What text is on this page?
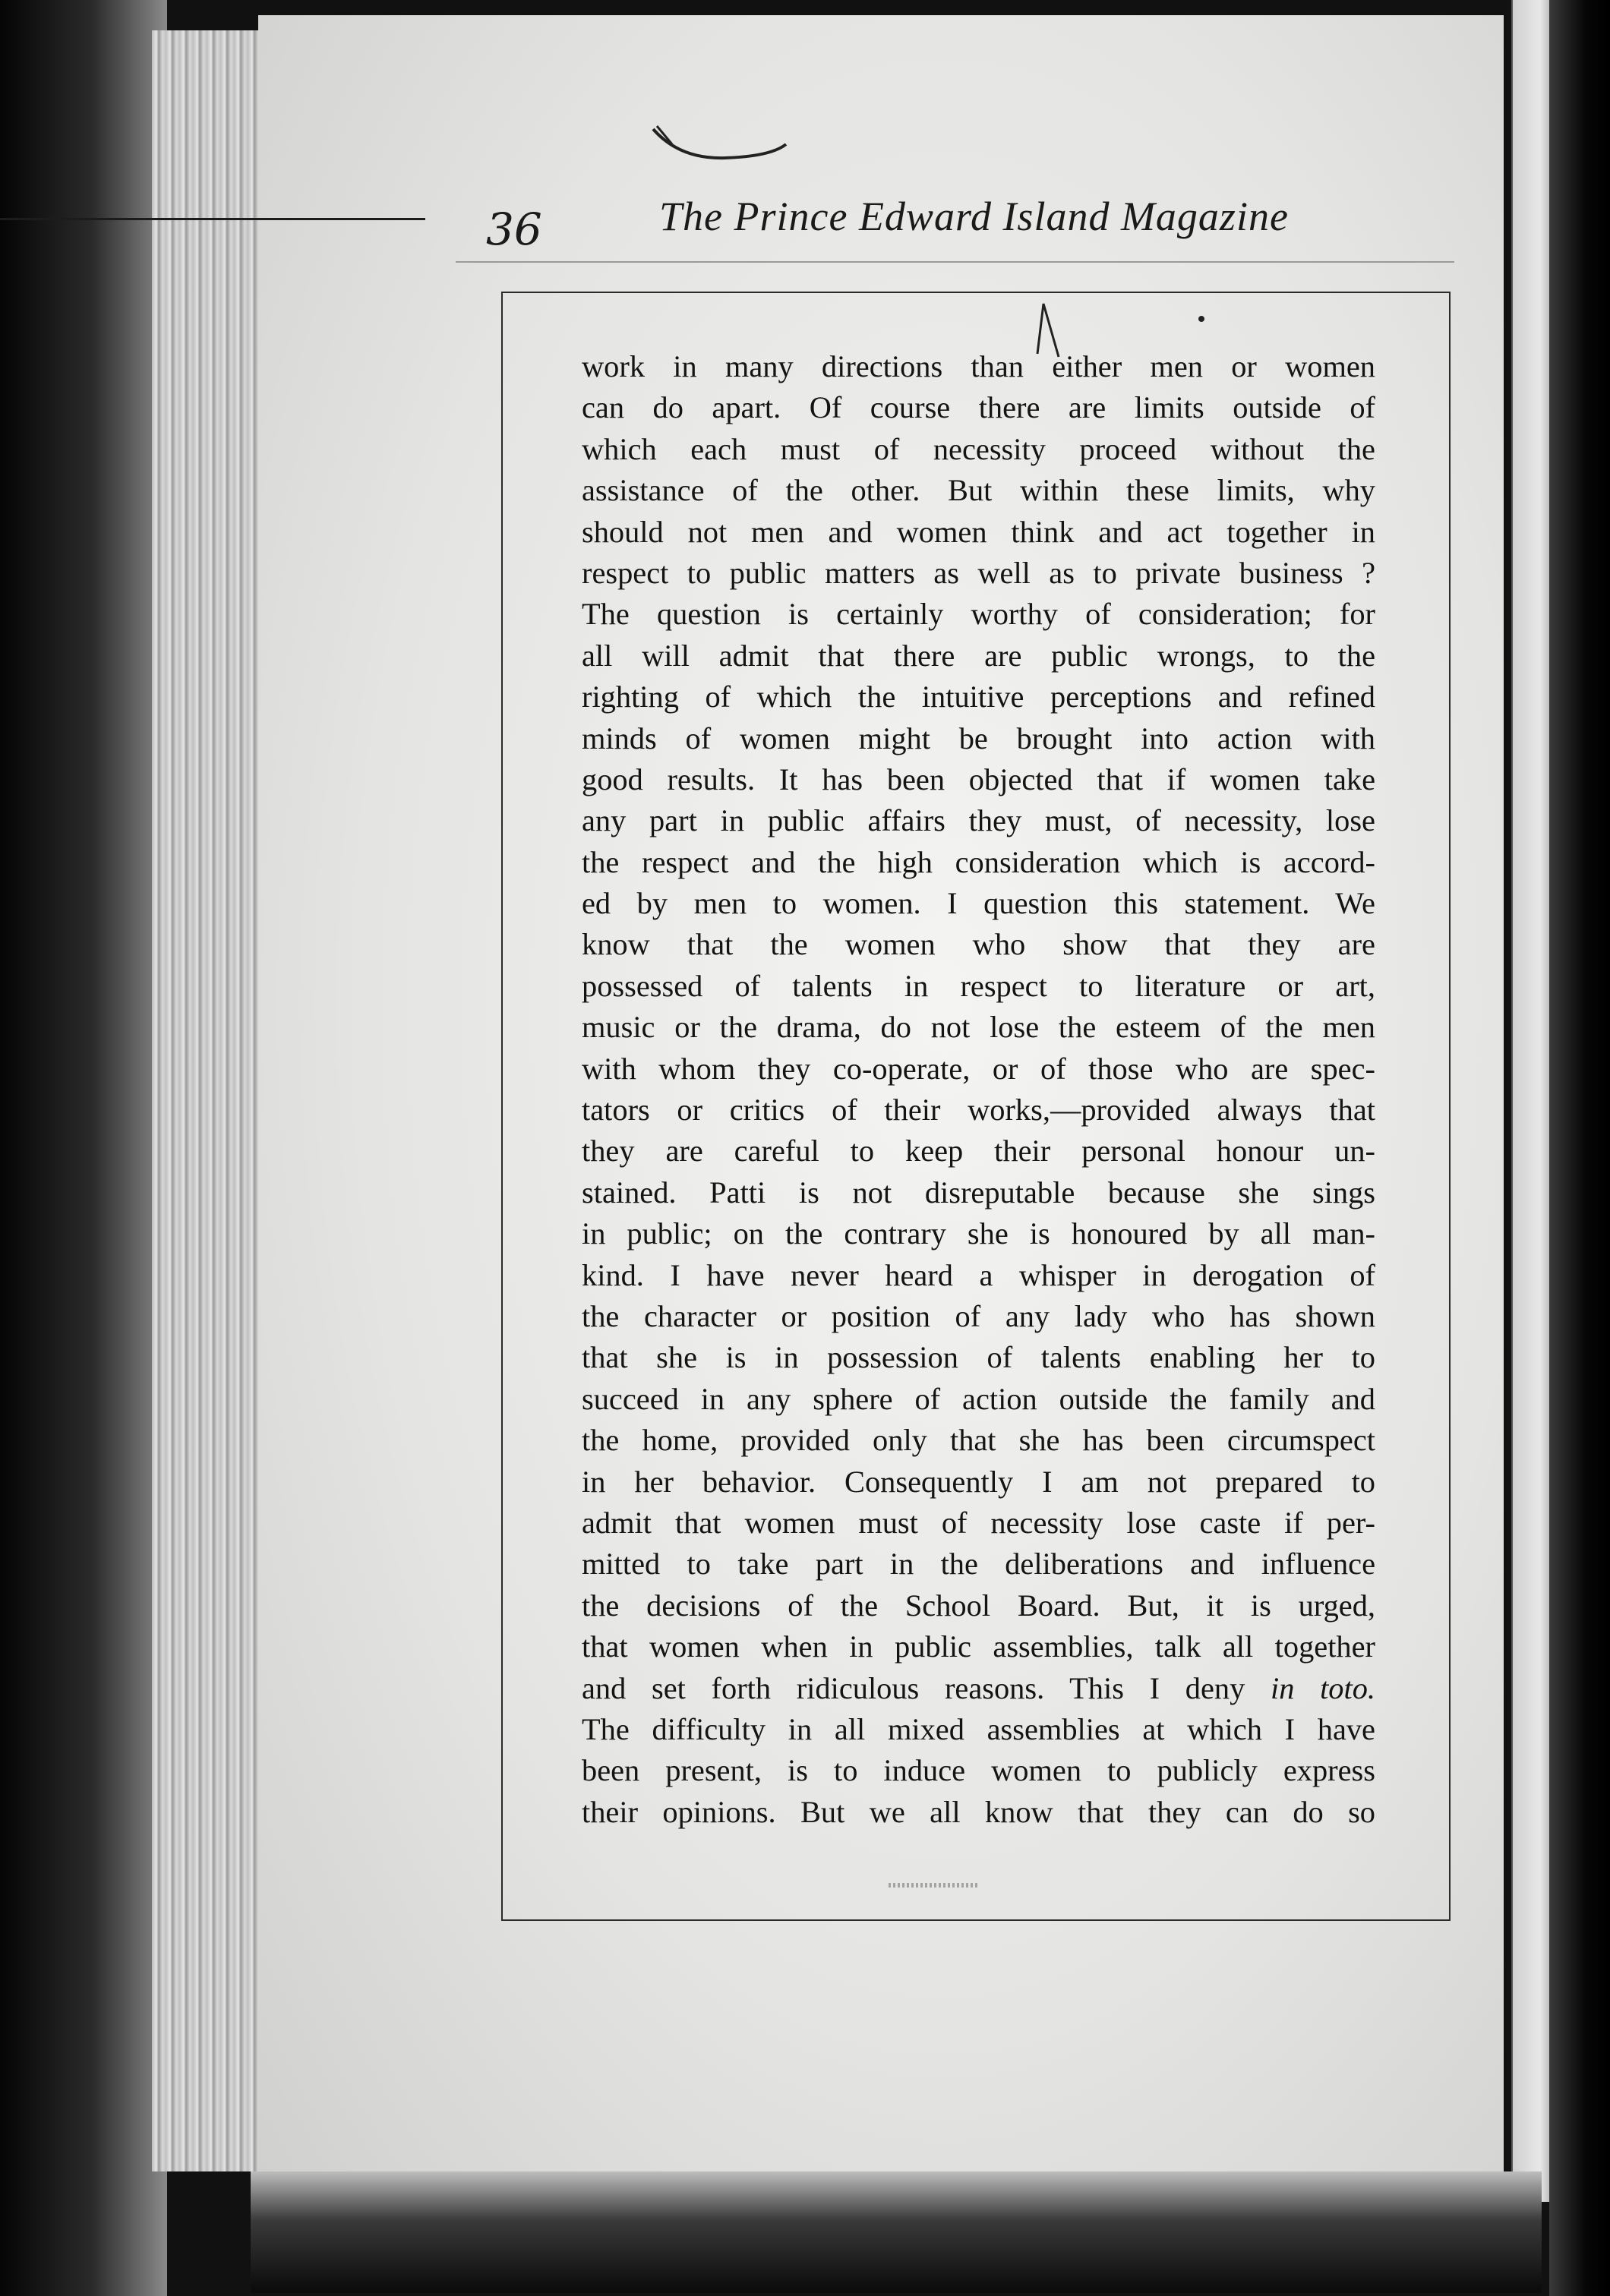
36	The Prince Edward Island Magazine
work in many directions than either men or women
can do apart. Of course there are limits outside of
which each must of necessity proceed without the
assistance of the other. But within these limits, why
should not men and women think and act together in
respect to public matters as well as to private business ?
The question is certainly worthy of consideration; for
all will admit that there are public wrongs, to the
righting of which the intuitive perceptions and refined
minds of women might be brought into action with
good results. It has been objected that if women take
any part in public affairs they must, of necessity, lose
the respect and the high consideration which is accord-
ed by men to women. I question this statement. We
know that the women who show that they are
possessed of talents in respect to literature or art,
music or the drama, do not lose the esteem of the men
with whom they co-operate, or of those who are spec-
tators or critics of their works,—provided always that
they are careful to keep their personal honour un-
stained. Patti is not disreputable because she sings
in public; on the contrary she is honoured by all man-
kind. I have never heard a whisper in derogation of
the character or position of any lady who has shown
that she is in possession of talents enabling her to
succeed in any sphere of action outside the family and
the home, provided only that she has been circumspect
in her behavior. Consequently I am not prepared to
admit that women must of necessity lose caste if per-
mitted to take part in the deliberations and influence
the decisions of the School Board. But, it is urged,
that women when in public assemblies, talk all together
and set forth ridiculous reasons. This I deny in toto.
The difficulty in all mixed assemblies at which I have
been present, is to induce women to publicly express
their opinions. But we all know that they can do so
